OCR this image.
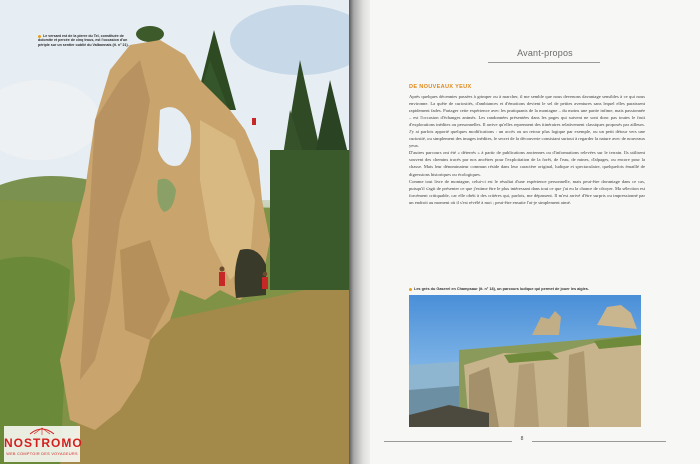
Le versant est de la pierre du Tel, constituée de dolomite et percée de cinq trous, est l'occasion d'un périple sur un sentier oublié du Valbonnais (it. n° 21).
NOSTROMO
WEB COMPTOIR DES VOYAGEURS
Avant-propos
DE NOUVEAUX YEUX

Après quelques décennies passées à grimper ou à marcher, il me semble que nous devenons davantage sensibles à ce qui nous environne. La quête de curiosités, d'ambiances et d'émotions devient le sel de petites aventures sans lequel elles paraissent rapidement fades. Partager cette expérience avec les pratiquants de la montagne – du moins une partie infime, mais passionnée – est l'occasion d'échanges animés. Les randonnées présentées dans les pages qui suivent ne sont donc pas toutes le fruit d'explorations inédites ou personnelles. Il arrive qu'elles reprennent des itinéraires relativement classiques proposés par ailleurs. J'y ai parfois apporté quelques modifications : un accès ou un retour plus logique par exemple, ou un petit détour vers une curiosité, ou simplement des images inédites, le secret de la découverte consistant surtout à regarder la nature avec de nouveaux yeux.

D'autres parcours ont été « déterrés » à partir de publications anciennes ou d'informations relevées sur le terrain. Ils utilisent souvent des chemins tracés par nos ancêtres pour l'exploitation de la forêt, de l'eau, de mines, d'alpages, ou encore pour la chasse. Mais leur dénominateur commun réside dans leur caractère original, ludique et spectaculaire, quelquefois émaillé de digressions historiques ou écologiques.

Comme tout livre de montagne, celui-ci est le résultat d'une expérience personnelle, mais peut-être davantage dans ce cas, puisqu'il s'agit de présenter ce que j'estime être le plus intéressant dans tout ce que j'ai eu la chance de côtoyer. Ma sélection est forcément critiquable, car elle obéit à des critères qui, parfois, me dépassent. Il m'est arrivé d'être surpris ou impressionné par un endroit au moment où il s'est révélé à moi ; peut-être ensuite l'ai-je simplement aimé.

Les grès du Gaserel en Champsaur (it. n° 18), un parcours ludique qui permet de jouer les aigles.
8
